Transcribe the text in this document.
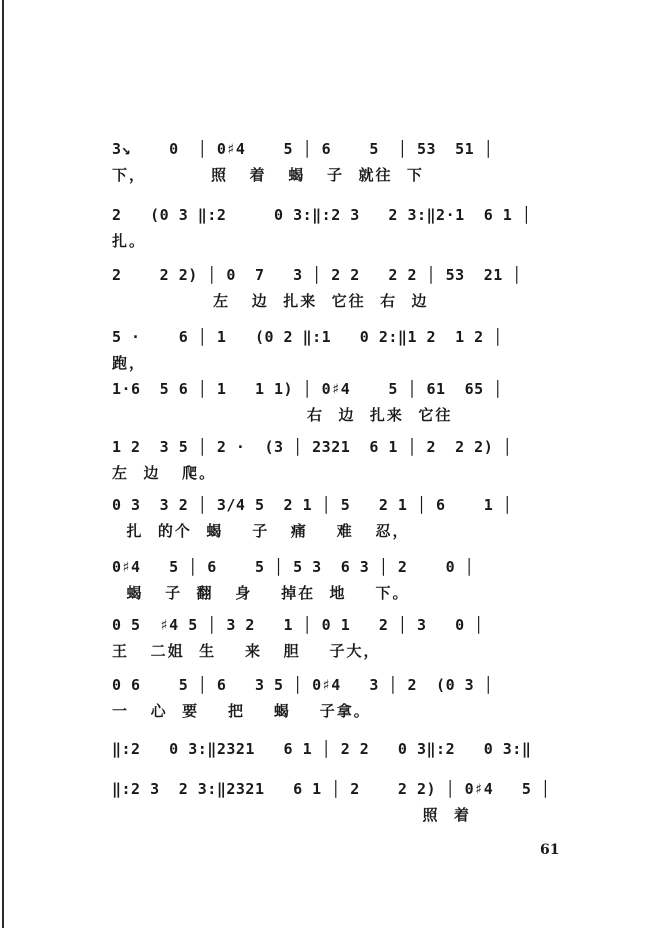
3↘    0  │ 0♯4    5 │ 6    5  │ 53  51 │
下，         照   着   蝎   子  就往  下
2   (0 3 ‖:2     0 3:‖:2 3   2 3:‖2·1  6 1 │
扎。
2    2 2) │ 0  7   3 │ 2 2   2 2 │ 53  21 │
左   边  扎来  它往  右  边
5 ·    6 │ 1   (0 2 ‖:1   0 2:‖1 2  1 2 │
跑，
1·6  5 6 │ 1   1 1) │ 0♯4    5 │ 61  65 │
右  边  扎来  它往
1 2  3 5 │ 2 ·  (3 │ 2321  6 1 │ 2  2 2) │
左  边   爬。
0 3  3 2 │ 3/4 5  2 1 │ 5   2 1 │ 6    1 │
扎  的个  蝎    子   痛    难   忍，
0♯4   5 │ 6    5 │ 5 3  6 3 │ 2    0 │
蝎   子  翻   身    掉在  地    下。
0 5  ♯4 5 │ 3 2   1 │ 0 1   2 │ 3   0 │
王   二姐  生    来   胆    子大，
0 6    5 │ 6   3 5 │ 0♯4   3 │ 2  (0 3 │
一   心  要    把    蝎    子拿。
‖:2   0 3:‖2321   6 1 │ 2 2   0 3‖:2   0 3:‖
‖:2 3  2 3:‖2321   6 1 │ 2    2 2) │ 0♯4   5 │
照  着
61
